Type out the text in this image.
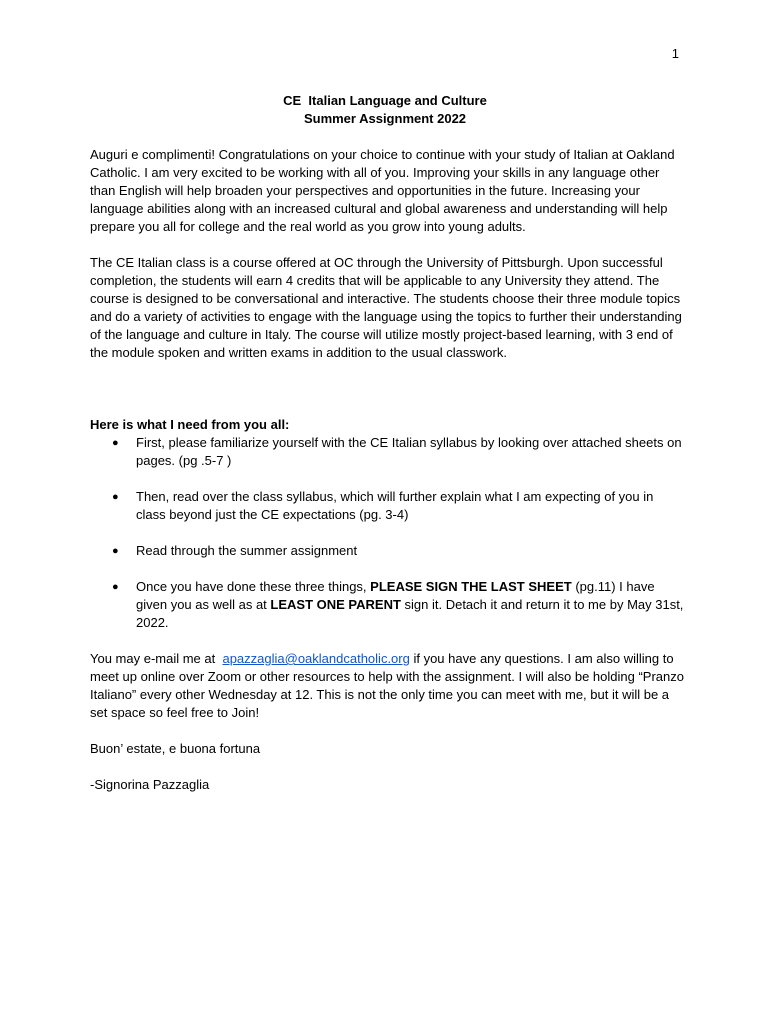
1
CE  Italian Language and Culture
Summer Assignment 2022

Auguri e complimenti! Congratulations on your choice to continue with your study of Italian at Oakland Catholic. I am very excited to be working with all of you. Improving your skills in any language other than English will help broaden your perspectives and opportunities in the future. Increasing your language abilities along with an increased cultural and global awareness and understanding will help prepare you all for college and the real world as you grow into young adults.

The CE Italian class is a course offered at OC through the University of Pittsburgh. Upon successful completion, the students will earn 4 credits that will be applicable to any University they attend. The course is designed to be conversational and interactive. The students choose their three module topics and do a variety of activities to engage with the language using the topics to further their understanding of the language and culture in Italy. The course will utilize mostly project-based learning, with 3 end of the module spoken and written exams in addition to the usual classwork.

Here is what I need from you all:

● First, please familiarize yourself with the CE Italian syllabus by looking over attached sheets on pages. (pg .5-7 )
● Then, read over the class syllabus, which will further explain what I am expecting of you in class beyond just the CE expectations (pg. 3-4)
● Read through the summer assignment
● Once you have done these three things, PLEASE SIGN THE LAST SHEET (pg.11) I have given you as well as at LEAST ONE PARENT sign it. Detach it and return it to me by May 31st, 2022.

You may e-mail me at  apazzaglia@oaklandcatholic.org if you have any questions. I am also willing to meet up online over Zoom or other resources to help with the assignment. I will also be holding “Pranzo Italiano” every other Wednesday at 12. This is not the only time you can meet with me, but it will be a set space so feel free to Join!

Buon’ estate, e buona fortuna

-Signorina Pazzaglia
